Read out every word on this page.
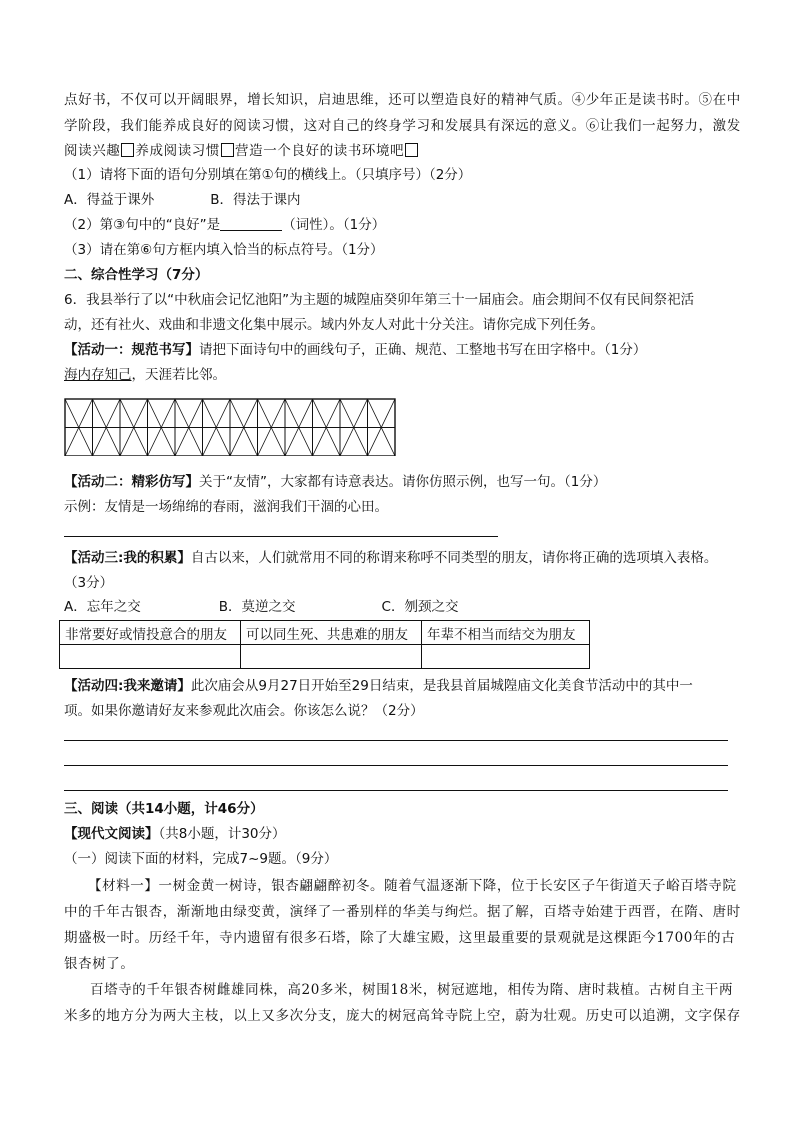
点好书，不仅可以开阔眼界，增长知识，启迪思维，还可以塑造良好的精神气质。④少年正是读书时。⑤在中
学阶段，我们能养成良好的阅读习惯，这对自己的终身学习和发展具有深远的意义。⑥让我们一起努力，激发
阅读兴趣 养成阅读习惯 营造一个良好的读书环境吧
（1）请将下面的语句分别填在第①句的横线上。（只填序号）（2分）
A．得益于课外	B．得法于课内
（2）第③句中的“良好”是	（词性）。（1分）
（3）请在第⑥句方框内填入恰当的标点符号。（1分）
二、综合性学习（7分）
6．我县举行了以“中秋庙会记忆池阳”为主题的城隍庙癸卯年第三十一届庙会。庙会期间不仅有民间祭祀活
动，还有社火、戏曲和非遗文化集中展示。域内外友人对此十分关注。请你完成下列任务。
【活动一：规范书写】请把下面诗句中的画线句子，正确、规范、工整地书写在田字格中。（1分）
海内存知己，天涯若比邻。
【活动二：精彩仿写】关于“友情”，大家都有诗意表达。请你仿照示例，也写一句。（1分）
示例：友情是一场绵绵的春雨，滋润我们干涸的心田。
【活动三:我的积累】自古以来，人们就常用不同的称谓来称呼不同类型的朋友，请你将正确的选项填入表格。
（3分）
A．忘年之交	B．莫逆之交	C．刎颈之交
非常要好或情投意合的朋友	可以同生死、共患难的朋友	年辈不相当而结交为朋友

【活动四:我来邀请】此次庙会从9月27日开始至29日结束，是我县首届城隍庙文化美食节活动中的其中一
项。如果你邀请好友来参观此次庙会。你该怎么说？（2分）
三、阅读（共14小题，计46分）
【现代文阅读】（共8小题，计30分）
（一）阅读下面的材料，完成7~9题。（9分）
【材料一】一树金黄一树诗，银杏翩翩醉初冬。随着气温逐渐下降，位于长安区子午街道天子峪百塔寺院
中的千年古银杏，渐渐地由绿变黄，演绎了一番别样的华美与绚烂。据了解，百塔寺始建于西晋，在隋、唐时
期盛极一时。历经千年，寺内遗留有很多石塔，除了大雄宝殿，这里最重要的景观就是这棵距今1700年的古
银杏树了。
百塔寺的千年银杏树雌雄同株，高20多米，树围18米，树冠遮地，相传为隋、唐时栽植。古树自主干两
米多的地方分为两大主枝，以上又多次分支，庞大的树冠高耸寺院上空，蔚为壮观。历史可以追溯，文字保存
